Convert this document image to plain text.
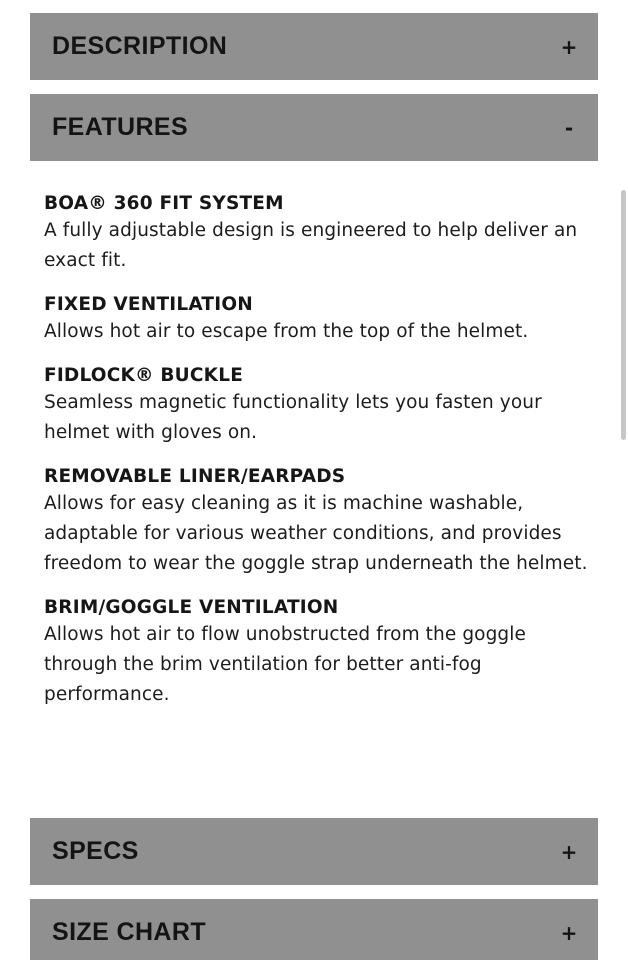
DESCRIPTION	+
FEATURES	-
BOA® 360 FIT SYSTEM
A fully adjustable design is engineered to help deliver an exact fit.
FIXED VENTILATION
Allows hot air to escape from the top of the helmet.
FIDLOCK® BUCKLE
Seamless magnetic functionality lets you fasten your helmet with gloves on.
REMOVABLE LINER/EARPADS
Allows for easy cleaning as it is machine washable, adaptable for various weather conditions, and provides freedom to wear the goggle strap underneath the helmet.
BRIM/GOGGLE VENTILATION
Allows hot air to flow unobstructed from the goggle through the brim ventilation for better anti-fog performance.
SPECS	+
SIZE CHART	+
